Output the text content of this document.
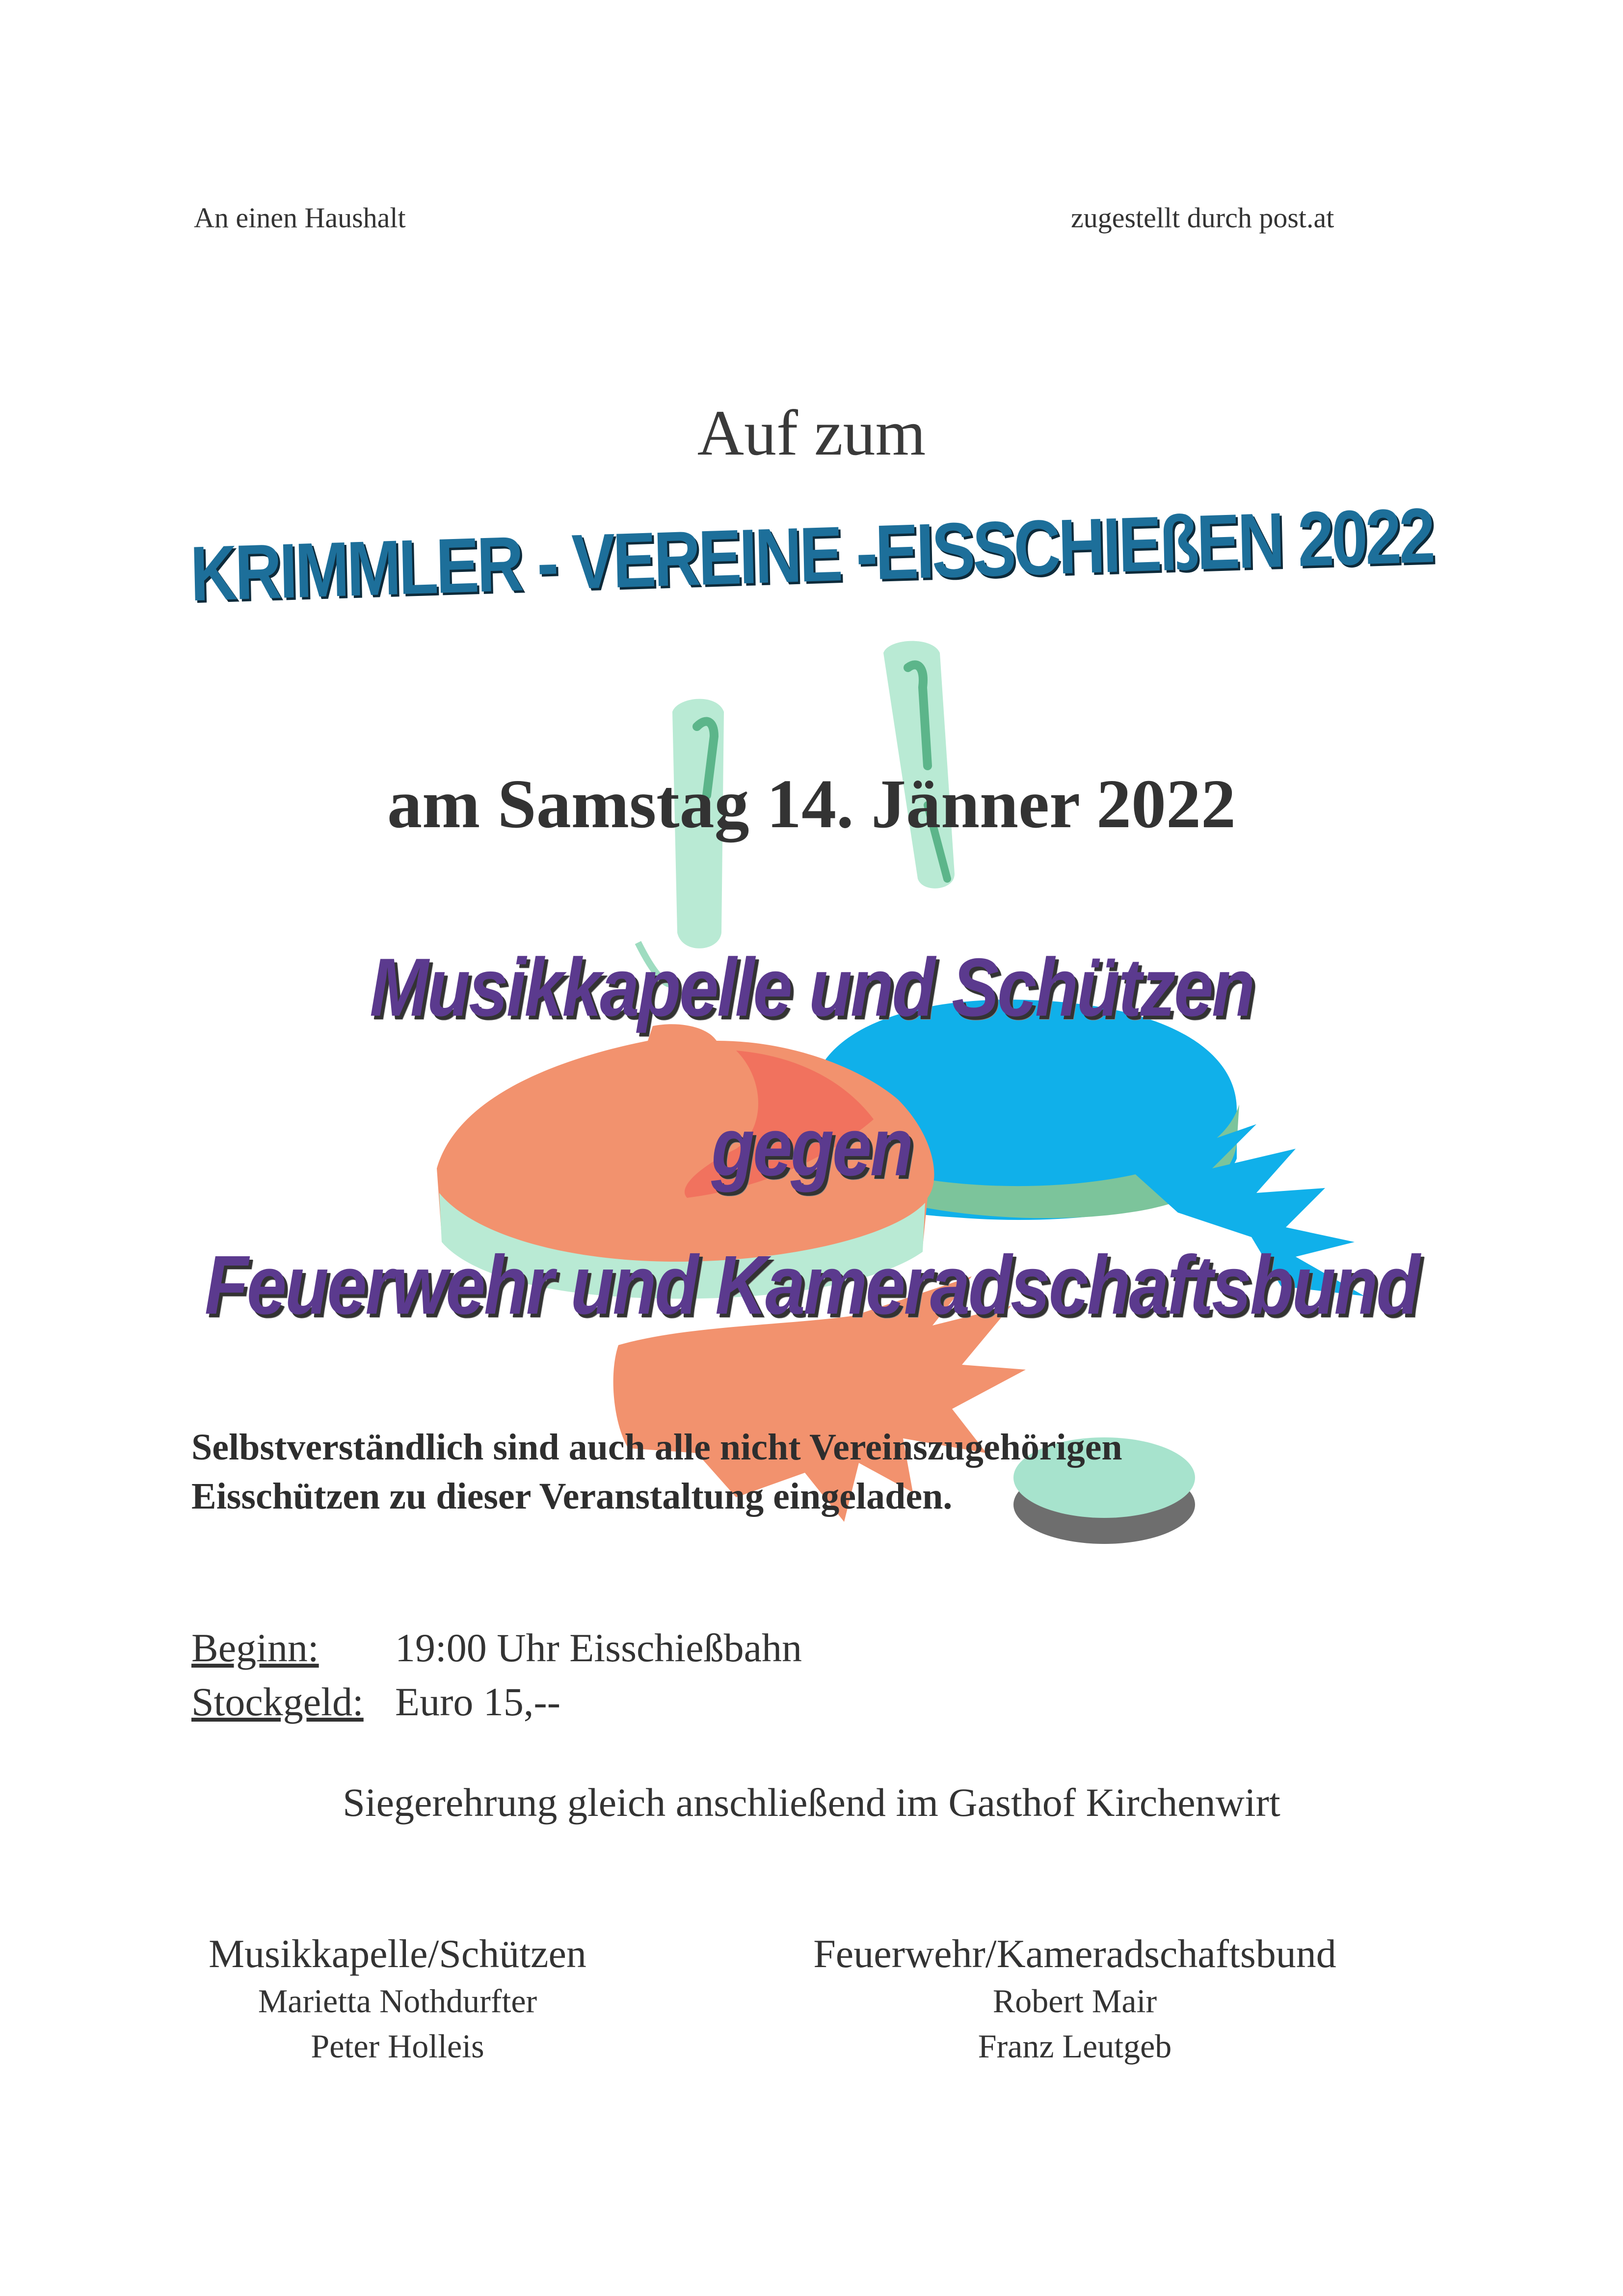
An einen Haushalt	zugestellt durch post.at
Auf zum
KRIMMLER - VEREINE -EISSCHIEßEN 2022
am Samstag 14. Jänner 2022
Musikkapelle und Schützen
gegen
Feuerwehr und Kameradschaftsbund
Selbstverständlich sind auch alle nicht Vereinszugehörigen
Eisschützen zu dieser Veranstaltung eingeladen.
Beginn: 19:00 Uhr Eisschießbahn
Stockgeld: Euro 15,--
Siegerehrung gleich anschließend im Gasthof Kirchenwirt
Musikkapelle/Schützen
Marietta Nothdurfter
Peter Holleis
Feuerwehr/Kameradschaftsbund
Robert Mair
Franz Leutgeb
